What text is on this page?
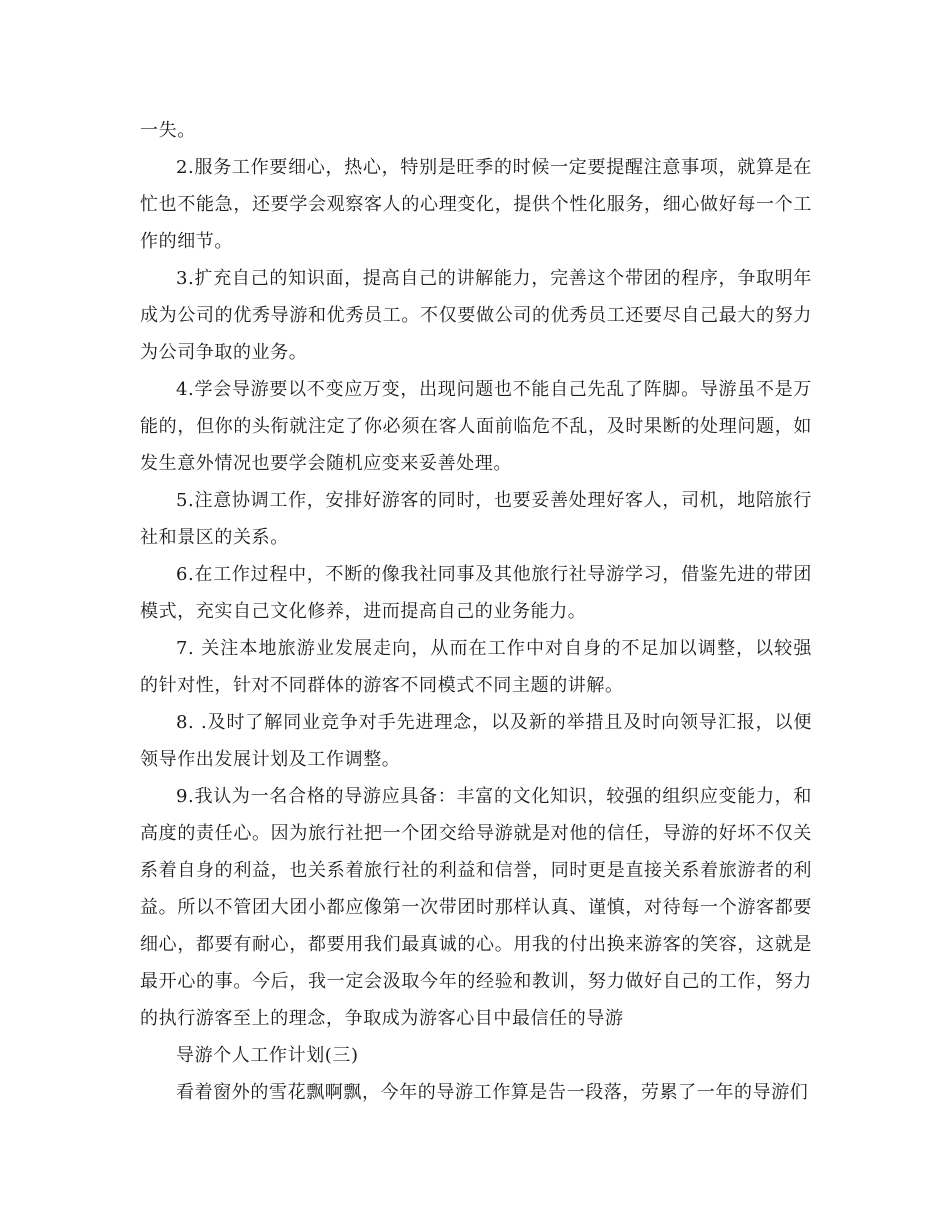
一失。

2.服务工作要细心，热心，特别是旺季的时候一定要提醒注意事项，就算是在忙也不能急，还要学会观察客人的心理变化，提供个性化服务，细心做好每一个工作的细节。

3.扩充自己的知识面，提高自己的讲解能力，完善这个带团的程序，争取明年成为公司的优秀导游和优秀员工。不仅要做公司的优秀员工还要尽自己最大的努力为公司争取的业务。

4.学会导游要以不变应万变，出现问题也不能自己先乱了阵脚。导游虽不是万能的，但你的头衔就注定了你必须在客人面前临危不乱，及时果断的处理问题，如发生意外情况也要学会随机应变来妥善处理。

5.注意协调工作，安排好游客的同时，也要妥善处理好客人，司机，地陪旅行社和景区的关系。

6.在工作过程中，不断的像我社同事及其他旅行社导游学习，借鉴先进的带团模式，充实自己文化修养，进而提高自己的业务能力。

7. 关注本地旅游业发展走向，从而在工作中对自身的不足加以调整，以较强的针对性，针对不同群体的游客不同模式不同主题的讲解。

8. .及时了解同业竞争对手先进理念，以及新的举措且及时向领导汇报，以便领导作出发展计划及工作调整。

9.我认为一名合格的导游应具备：丰富的文化知识，较强的组织应变能力，和高度的责任心。因为旅行社把一个团交给导游就是对他的信任，导游的好坏不仅关系着自身的利益，也关系着旅行社的利益和信誉，同时更是直接关系着旅游者的利益。所以不管团大团小都应像第一次带团时那样认真、谨慎，对待每一个游客都要细心，都要有耐心，都要用我们最真诚的心。用我的付出换来游客的笑容，这就是最开心的事。今后，我一定会汲取今年的经验和教训，努力做好自己的工作，努力的执行游客至上的理念，争取成为游客心目中最信任的导游

导游个人工作计划(三)

看着窗外的雪花飘啊飘，今年的导游工作算是告一段落，劳累了一年的导游们
